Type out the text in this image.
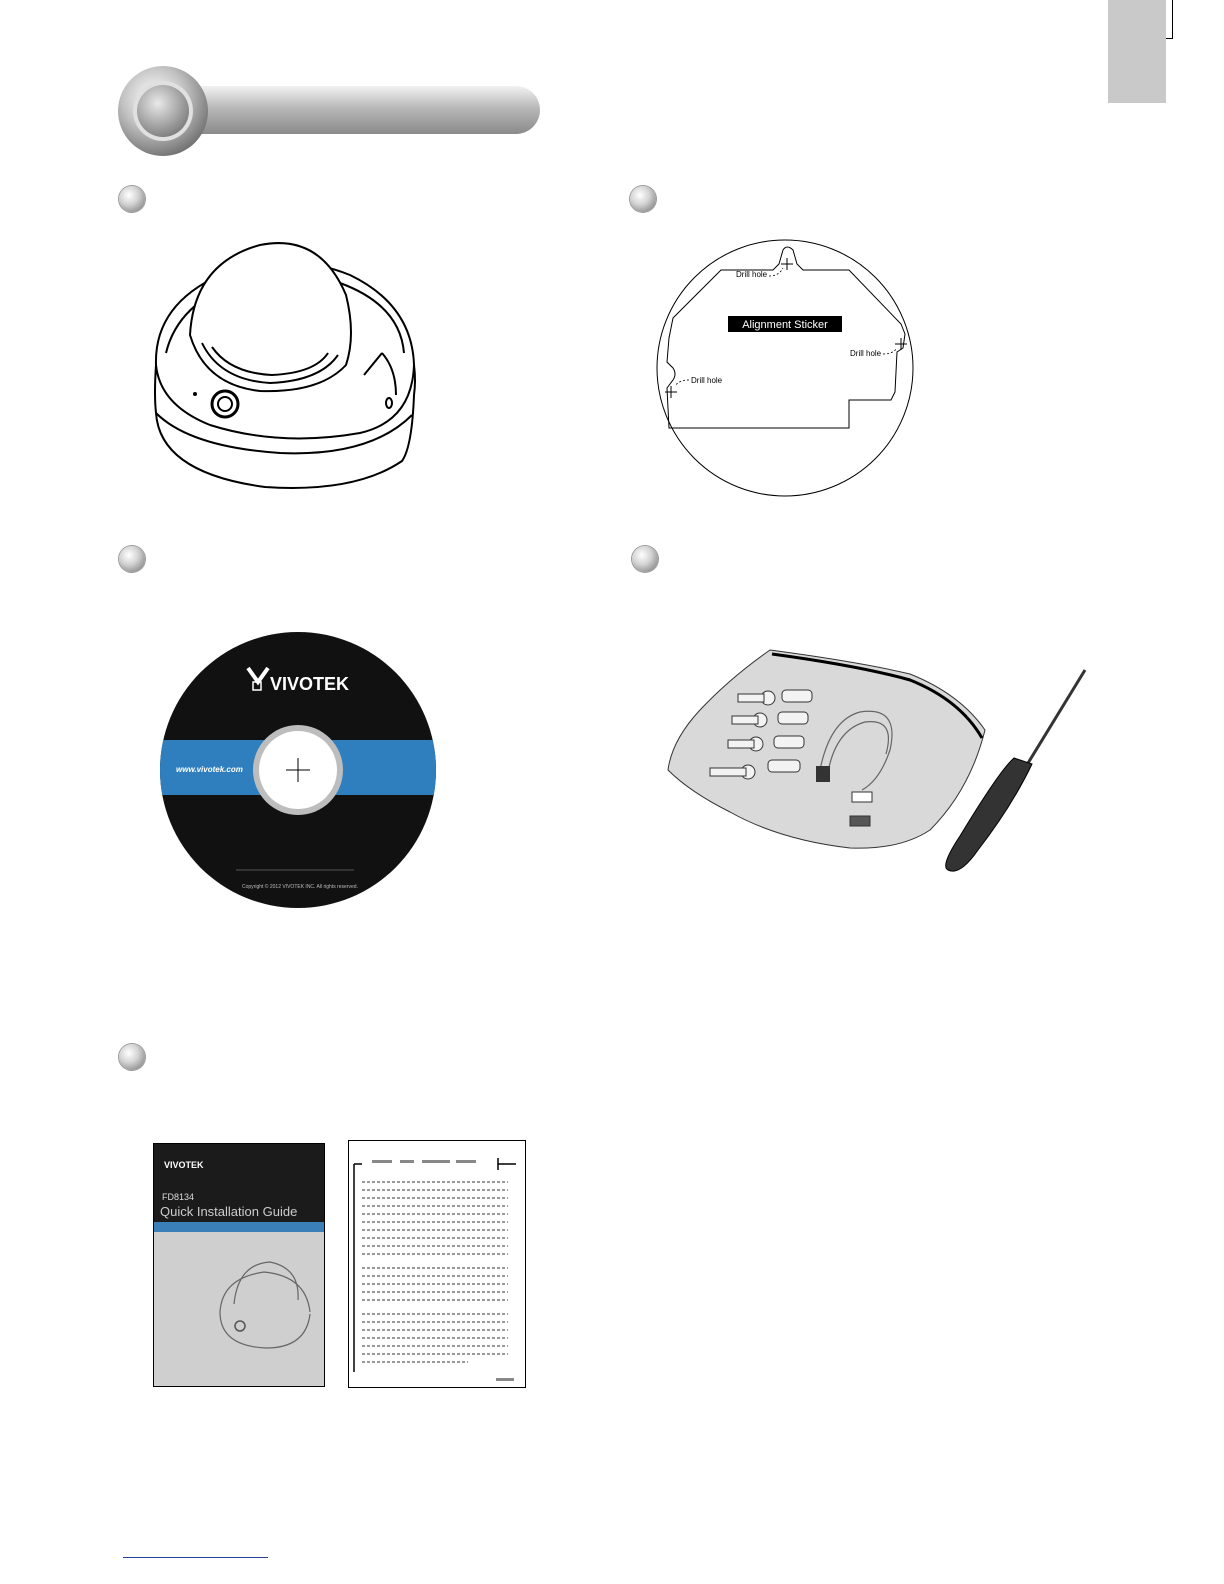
Alignment Sticker
Drill hole
Drill hole
Drill hole
VIVOTEK
www.vivotek.com
Copyright © 2012 VIVOTEK INC. All rights reserved.
VIVOTEK
FD8134
Quick Installation Guide
